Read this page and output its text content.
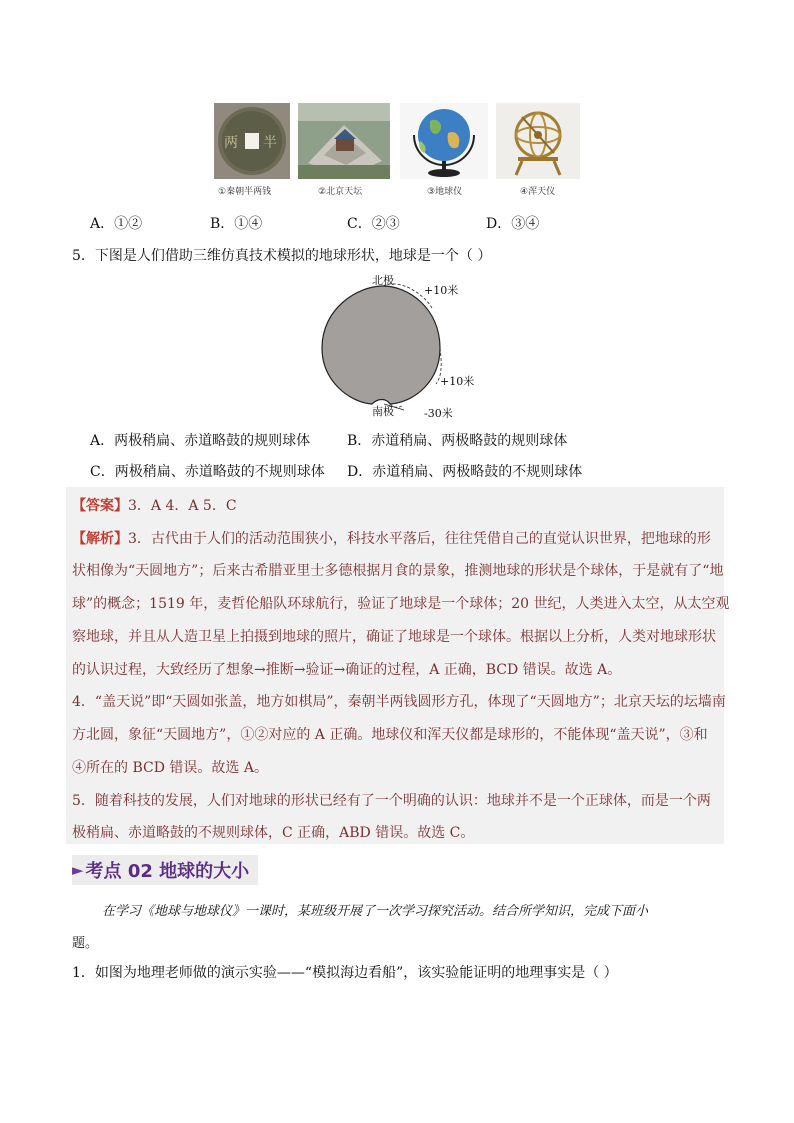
两 半
①秦朝半两钱	②北京天坛	③地球仪	④浑天仪
A．①②	B．①④	C．②③	D．③④
5．下图是人们借助三维仿真技术模拟的地球形状，地球是一个（ ）
北极
+10米
+10米
南极	-30米
A．两极稍扁、赤道略鼓的规则球体	B．赤道稍扁、两极略鼓的规则球体
C．两极稍扁、赤道略鼓的不规则球体 D．赤道稍扁、两极略鼓的不规则球体
【答案】3．A 4．A 5．C
【解析】3．古代由于人们的活动范围狭小，科技水平落后，往往凭借自己的直觉认识世界，把地球的形
状相像为“天圆地方”；后来古希腊亚里士多德根据月食的景象，推测地球的形状是个球体，于是就有了“地
球”的概念；1519 年，麦哲伦船队环球航行，验证了地球是一个球体；20 世纪，人类进入太空，从太空观
察地球，并且从人造卫星上拍摄到地球的照片，确证了地球是一个球体。根据以上分析，人类对地球形状
的认识过程，大致经历了想象→推断→验证→确证的过程，A 正确，BCD 错误。故选 A。
4．“盖天说”即“天圆如张盖，地方如棋局”，秦朝半两钱圆形方孔，体现了“天圆地方”；北京天坛的坛墙南
方北圆，象征“天圆地方”，①②对应的 A 正确。地球仪和浑天仪都是球形的，不能体现“盖天说”，③和
④所在的 BCD 错误。故选 A。
5．随着科技的发展，人们对地球的形状已经有了一个明确的认识：地球并不是一个正球体，而是一个两
极稍扁、赤道略鼓的不规则球体，C 正确，ABD 错误。故选 C。
► 考点 02 地球的大小
在学习《地球与地球仪》一课时，某班级开展了一次学习探究活动。结合所学知识，完成下面小
题。
1．如图为地理老师做的演示实验——“模拟海边看船”，该实验能证明的地理事实是（ ）
